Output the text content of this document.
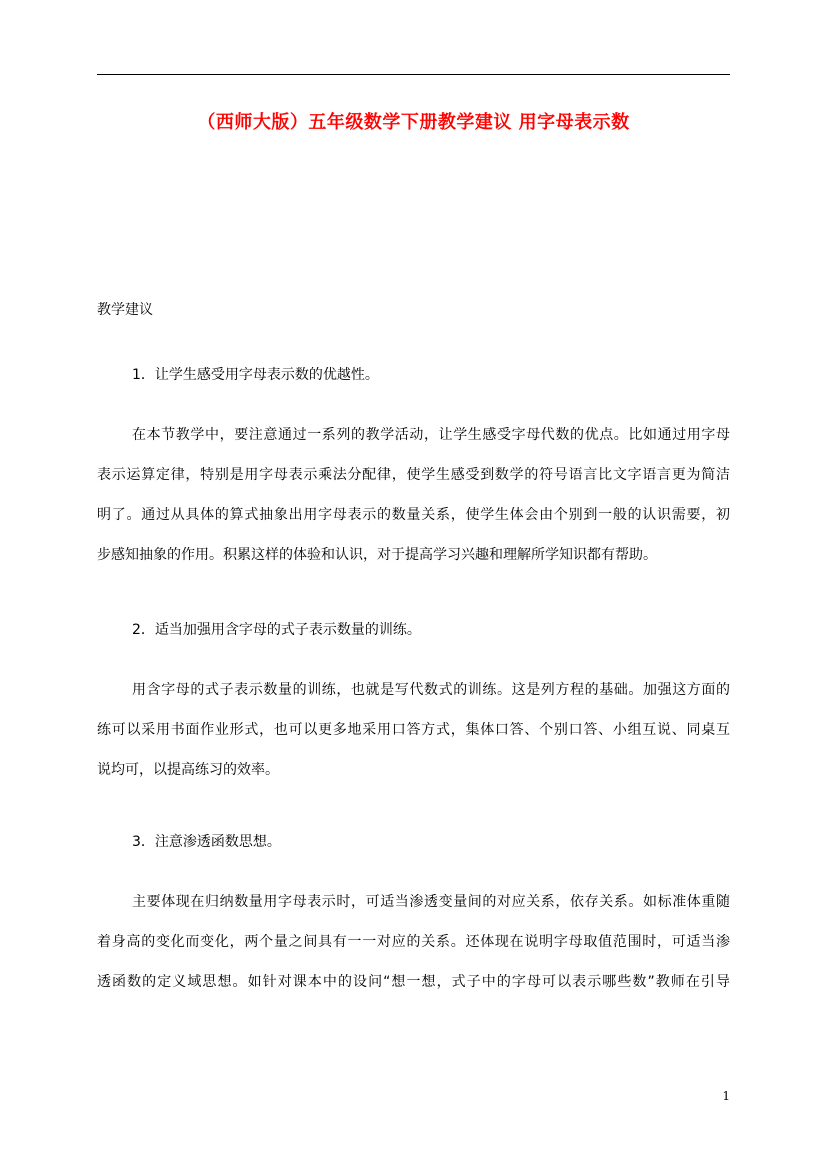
（西师大版）五年级数学下册教学建议 用字母表示数
教学建议
1．让学生感受用字母表示数的优越性。
在本节教学中，要注意通过一系列的教学活动，让学生感受字母代数的优点。比如通过用字母
表示运算定律，特别是用字母表示乘法分配律，使学生感受到数学的符号语言比文字语言更为简洁
明了。通过从具体的算式抽象出用字母表示的数量关系，使学生体会由个别到一般的认识需要，初
步感知抽象的作用。积累这样的体验和认识，对于提高学习兴趣和理解所学知识都有帮助。
2．适当加强用含字母的式子表示数量的训练。
用含字母的式子表示数量的训练，也就是写代数式的训练。这是列方程的基础。加强这方面的
练可以采用书面作业形式，也可以更多地采用口答方式，集体口答、个别口答、小组互说、同桌互
说均可，以提高练习的效率。
3．注意渗透函数思想。
主要体现在归纳数量用字母表示时，可适当渗透变量间的对应关系，依存关系。如标准体重随
着身高的变化而变化，两个量之间具有一一对应的关系。还体现在说明字母取值范围时，可适当渗
透函数的定义域思想。如针对课本中的设问“想一想，式子中的字母可以表示哪些数”教师在引导
1
